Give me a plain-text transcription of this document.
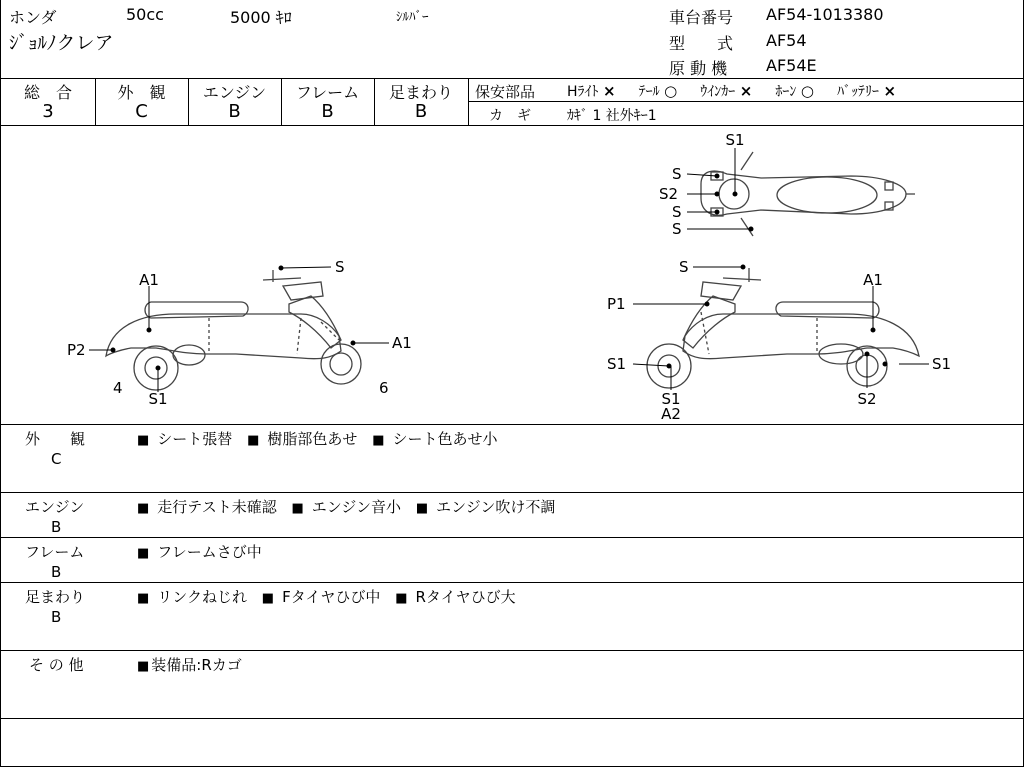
ホンダ	50cc	5000 ｷﾛ	ｼﾙﾊﾞｰ
ｼﾞｮﾙﾉクレア
車台番号 AF54-1013380
型　　式 AF54
原 動 機 AF54E
総　合
3
外　観
C
エンジン
B
フレーム
B
足まわり
B
保安部品 Hﾗｲﾄ × ﾃｰﾙ ○ ｳｲﾝｶｰ × ﾎｰﾝ ○ ﾊﾞｯﾃﾘｰ ×
カ　ギ	ｶｷﾞ 1 社外ｷｰ1
A1
S
P2	A1
4
S1
6
S
A1
P1
S1	S1
S1
A2
S2
S1
S
S2
S
S
外　　観
C
■ シート張替 ■ 樹脂部色あせ ■ シート色あせ小
エンジン
B
■ 走行テスト未確認 ■ エンジン音小 ■ エンジン吹け不調
フレーム
B
■ フレームさび中
足まわり
B
■ リンクねじれ ■ Fタイヤひび中 ■ Rタイヤひび大
そ の 他	■ 装備品:Rカゴ
